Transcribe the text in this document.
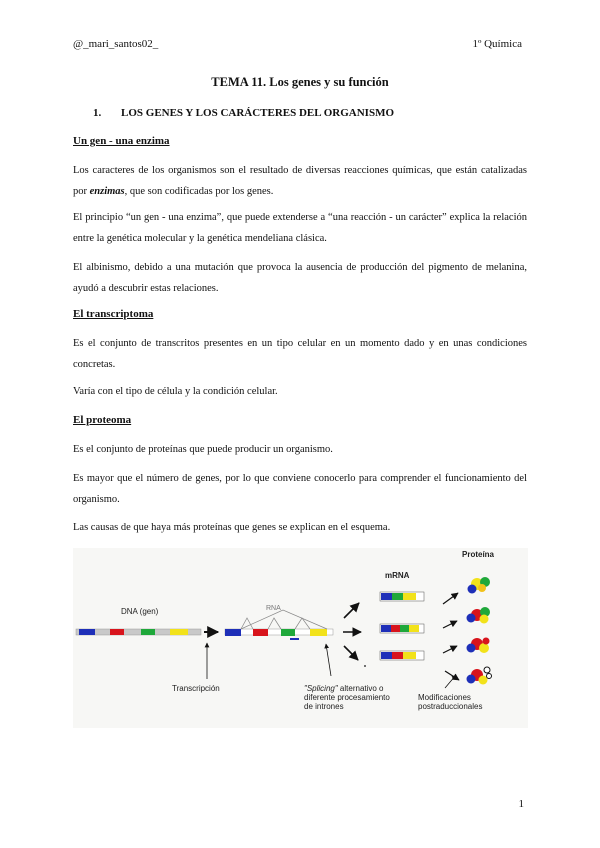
@_mari_santos02_	1º Química
TEMA 11. Los genes y su función
1. LOS GENES Y LOS CARÁCTERES DEL ORGANISMO
Un gen - una enzima
Los caracteres de los organismos son el resultado de diversas reacciones químicas, que están catalizadas por enzimas, que son codificadas por los genes.
El principio “un gen - una enzima”, que puede extenderse a “una reacción - un carácter” explica la relación entre la genética molecular y la genética mendeliana clásica.
El albinismo, debido a una mutación que provoca la ausencia de producción del pigmento de melanina, ayudó a descubrir estas relaciones.
El transcriptoma
Es el conjunto de transcritos presentes en un tipo celular en un momento dado y en unas condiciones concretas.
Varía con el tipo de célula y la condición celular.
El proteoma
Es el conjunto de proteínas que puede producir un organismo.
Es mayor que el número de genes, por lo que conviene conocerlo para comprender el funcionamiento del organismo.
Las causas de que haya más proteínas que genes se explican en el esquema.
DNA (gen)	RNA
mRNA
Proteína
Transcripción	"Splicing" alternativo o
diferente procesamiento
de intrones
Modificaciones
postraduccionales
1
